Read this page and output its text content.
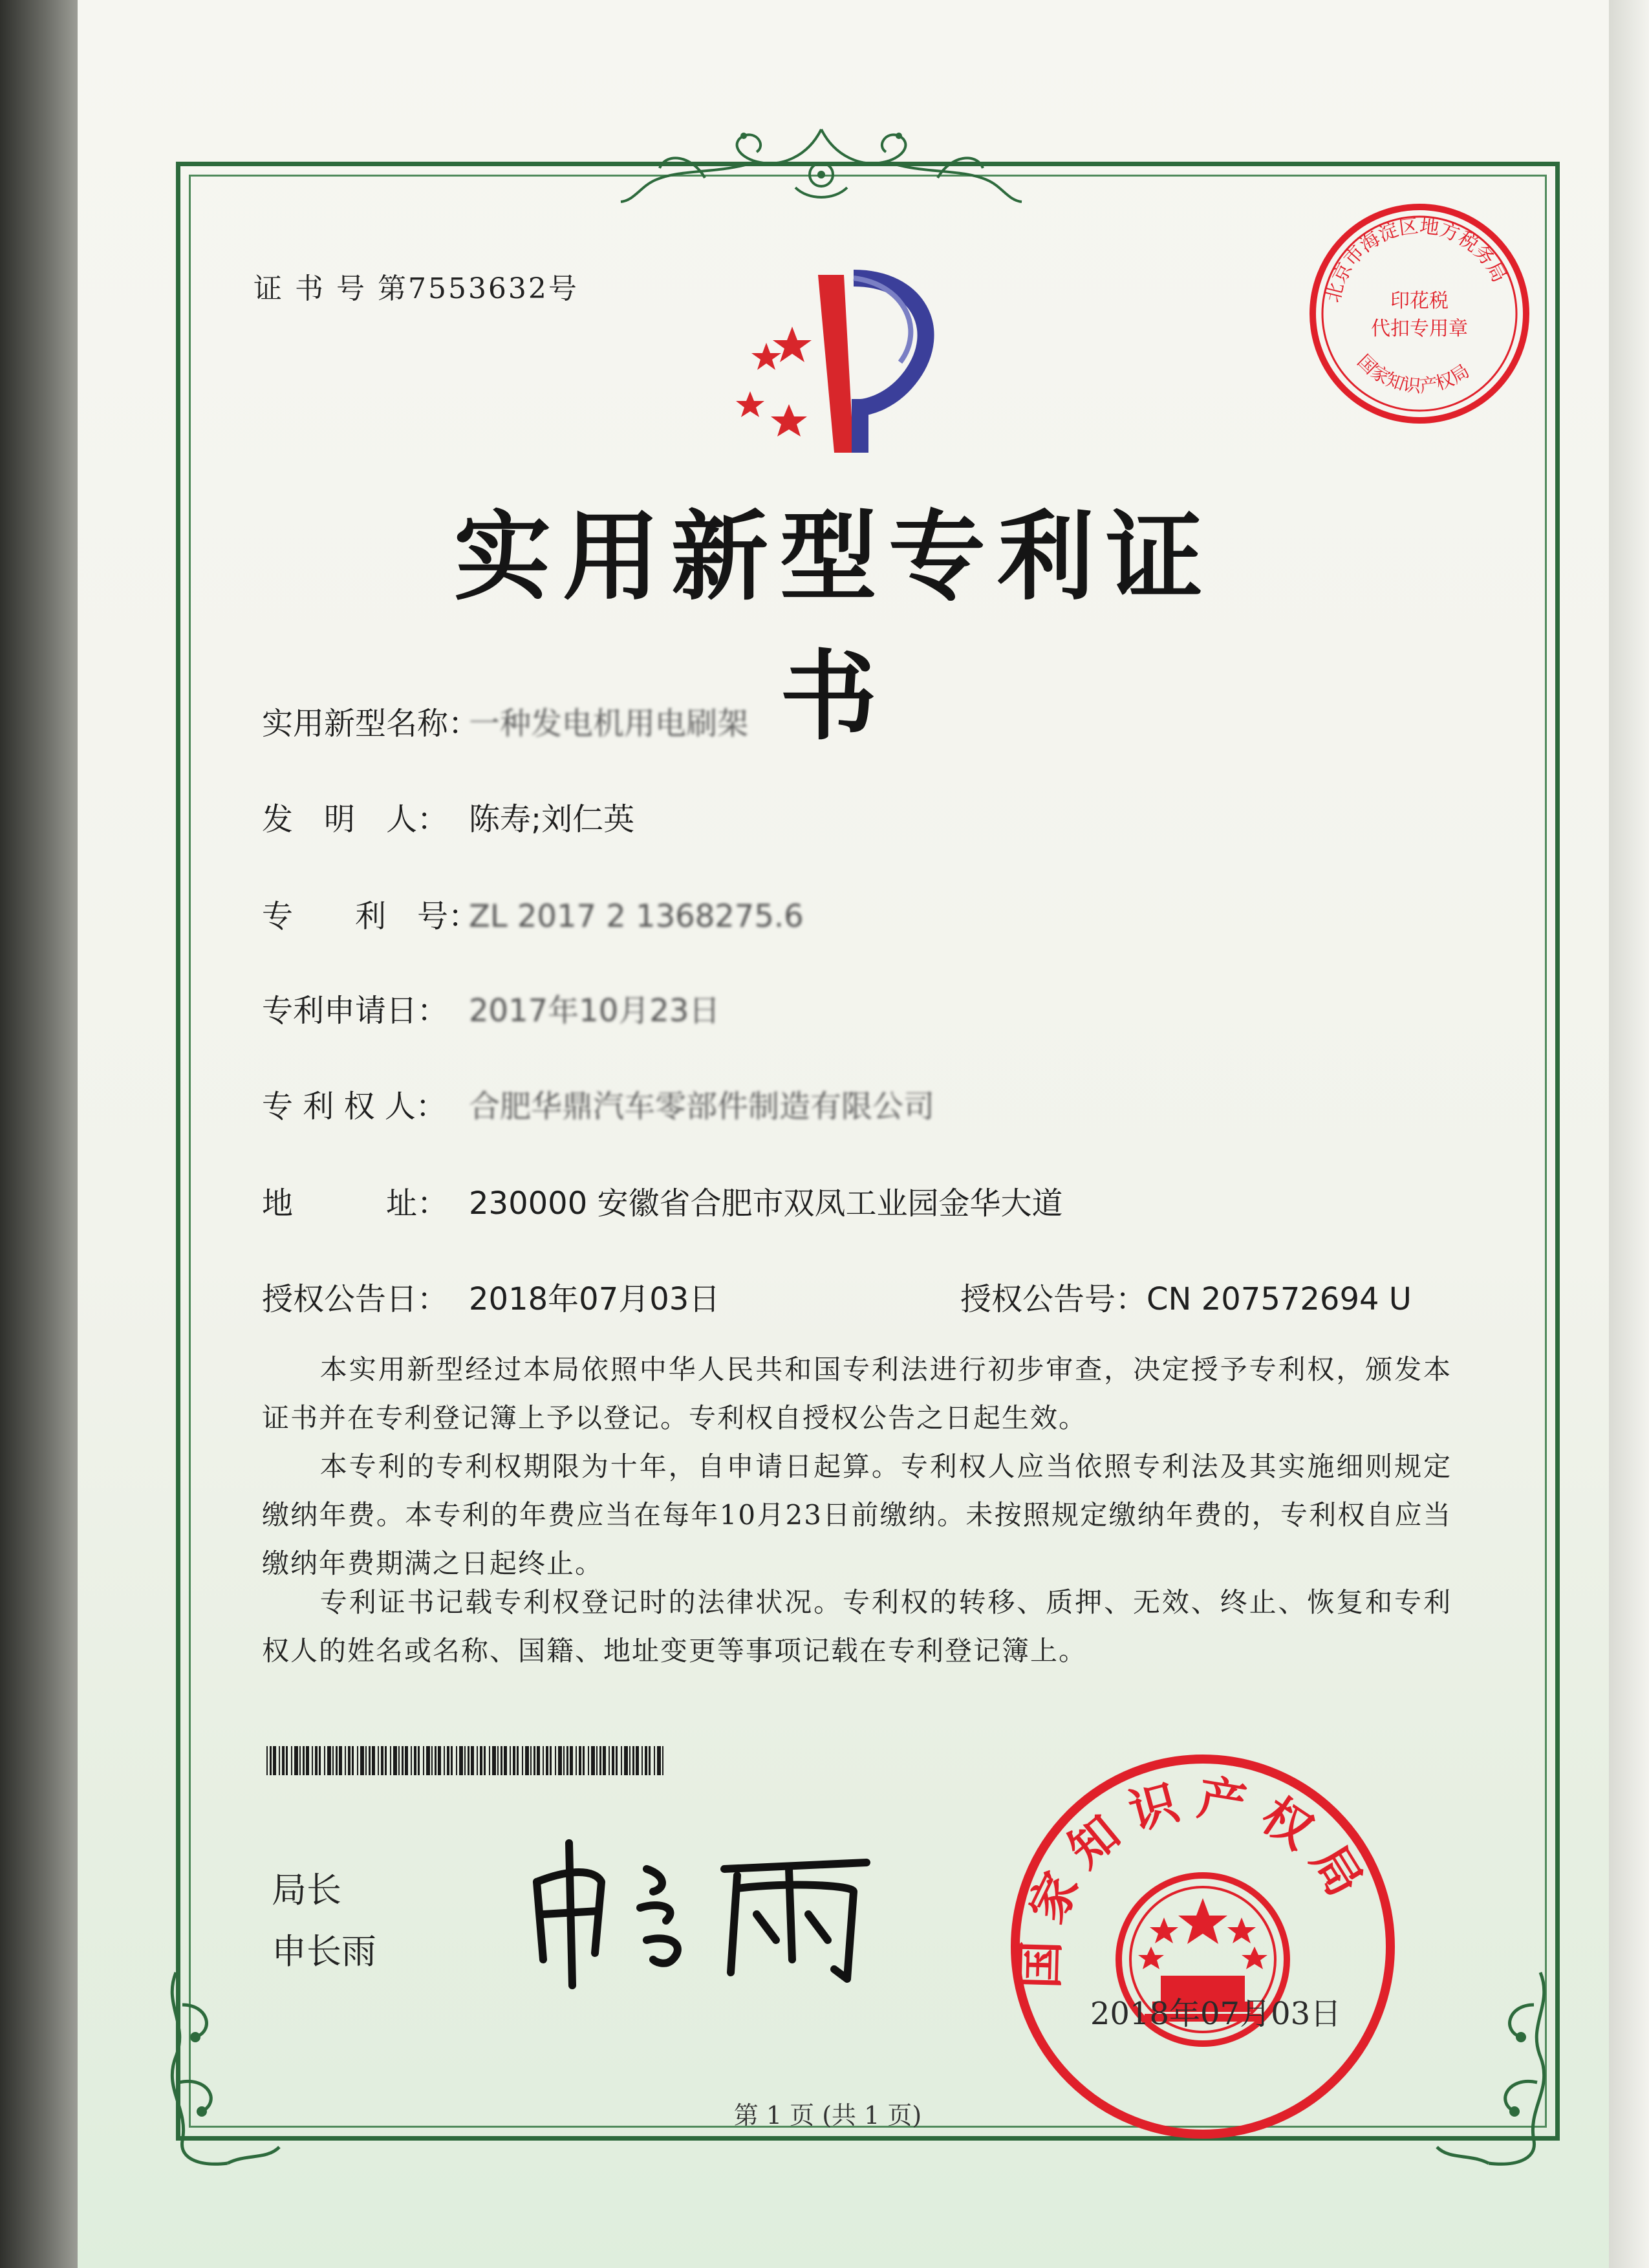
证 书 号 第7553632号	北京市海淀区地方税务局
印花税
代扣专用章
国家知识产权局
实用新型专利证书
实用新型名称：一种发电机用电刷架
发　明　人： 陈寿;刘仁英
专　　利　号：ZL 2017 2 1368275.6
专利申请日： 2017年10月23日
专 利 权 人： 合肥华鼎汽车零部件制造有限公司
地　　　址： 230000 安徽省合肥市双凤工业园金华大道
授权公告日： 2018年07月03日	授权公告号：CN 207572694 U
　　本实用新型经过本局依照中华人民共和国专利法进行初步审查，决定授予专利权，颁发本证书并在专利登记簿上予以登记。专利权自授权公告之日起生效。
　　本专利的专利权期限为十年，自申请日起算。专利权人应当依照专利法及其实施细则规定缴纳年费。本专利的年费应当在每年10月23日前缴纳。未按照规定缴纳年费的，专利权自应当缴纳年费期满之日起终止。
　　专利证书记载专利权登记时的法律状况。专利权的转移、质押、无效、终止、恢复和专利权人的姓名或名称、国籍、地址变更等事项记载在专利登记簿上。
局长
申长雨	国家知识产权局
2018年07月03日
第 1 页 (共 1 页)
